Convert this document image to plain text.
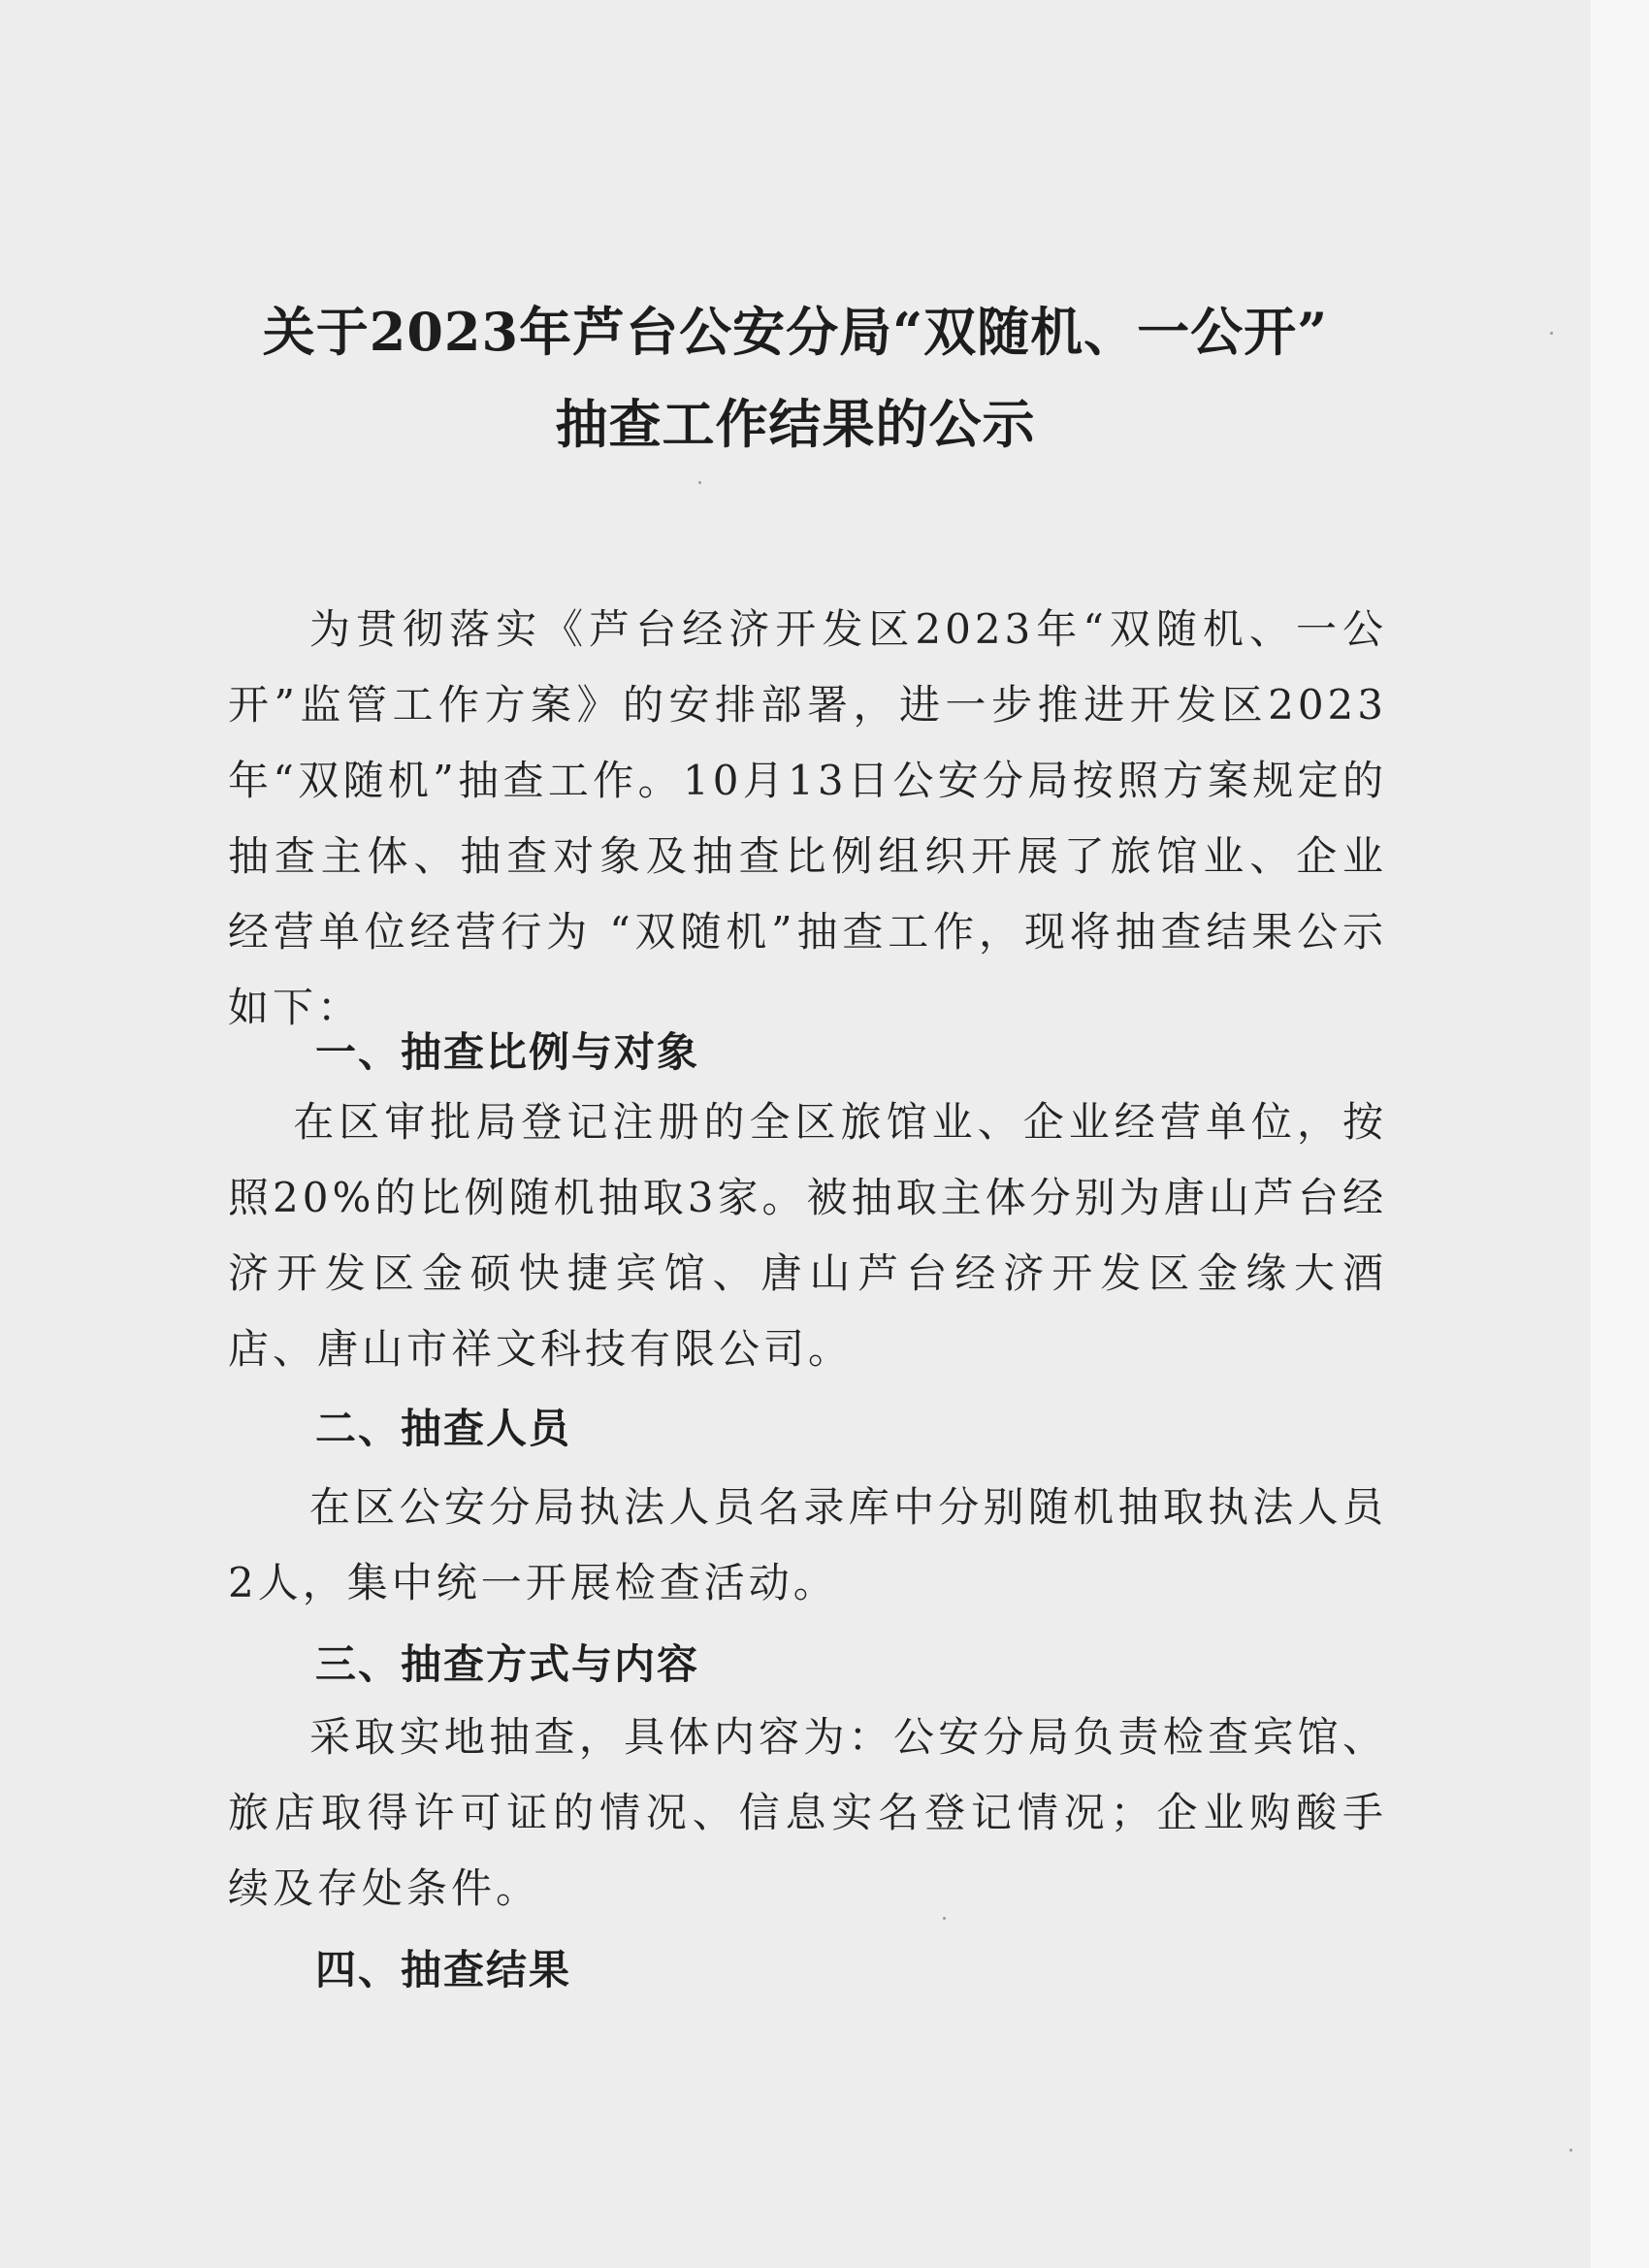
关于2023年芦台公安分局“双随机、一公开”
抽查工作结果的公示

为贯彻落实《芦台经济开发区2023年“双随机、一公开”监管工作方案》的安排部署，进一步推进开发区2023年“双随机”抽查工作。10月13日公安分局按照方案规定的抽查主体、抽查对象及抽查比例组织开展了旅馆业、企业经营单位经营行为 “双随机”抽查工作，现将抽查结果公示如下：

一、抽查比例与对象

在区审批局登记注册的全区旅馆业、企业经营单位，按照20%的比例随机抽取3家。被抽取主体分别为唐山芦台经济开发区金硕快捷宾馆、唐山芦台经济开发区金缘大酒店、唐山市祥文科技有限公司。

二、抽查人员

在区公安分局执法人员名录库中分别随机抽取执法人员2人，集中统一开展检查活动。

三、抽查方式与内容

采取实地抽查，具体内容为：公安分局负责检查宾馆、旅店取得许可证的情况、信息实名登记情况；企业购酸手续及存处条件。

四、抽查结果
